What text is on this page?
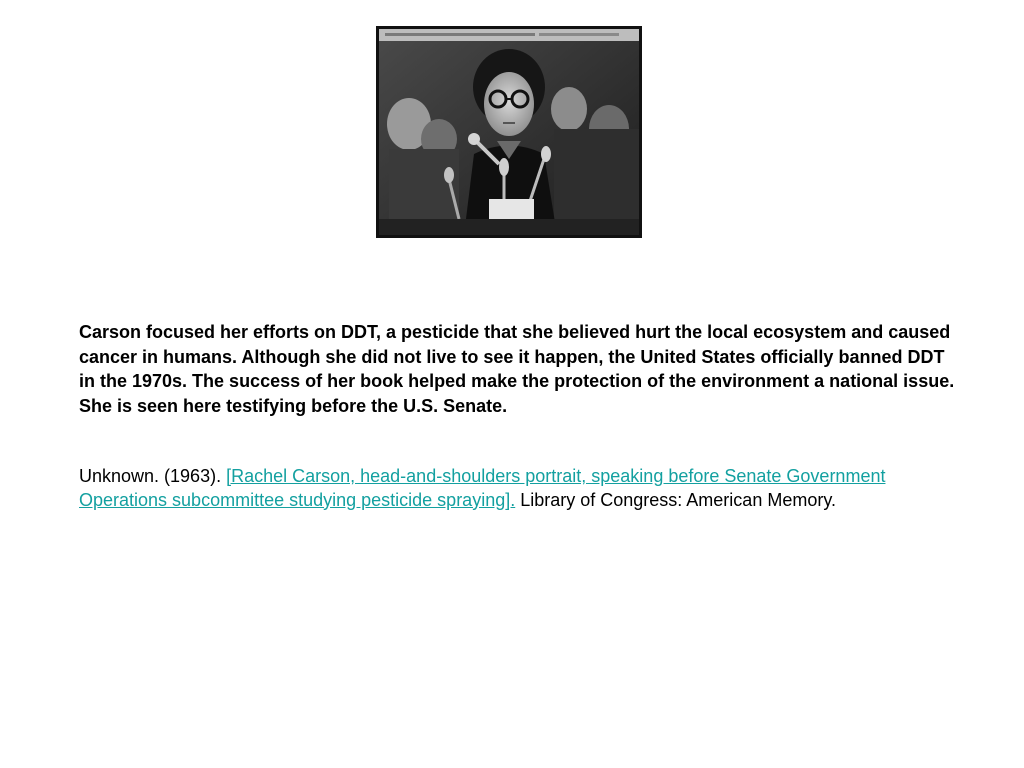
Carson focused her efforts on DDT, a pesticide that she believed hurt the local ecosystem and caused cancer in humans. Although she did not live to see it happen, the United States officially banned DDT in the 1970s. The success of her book helped make the protection of the environment a national issue. She is seen here testifying before the U.S. Senate.

Unknown. (1963). [Rachel Carson, head-and-shoulders portrait, speaking before Senate Government Operations subcommittee studying pesticide spraying]. Library of Congress: American Memory.
